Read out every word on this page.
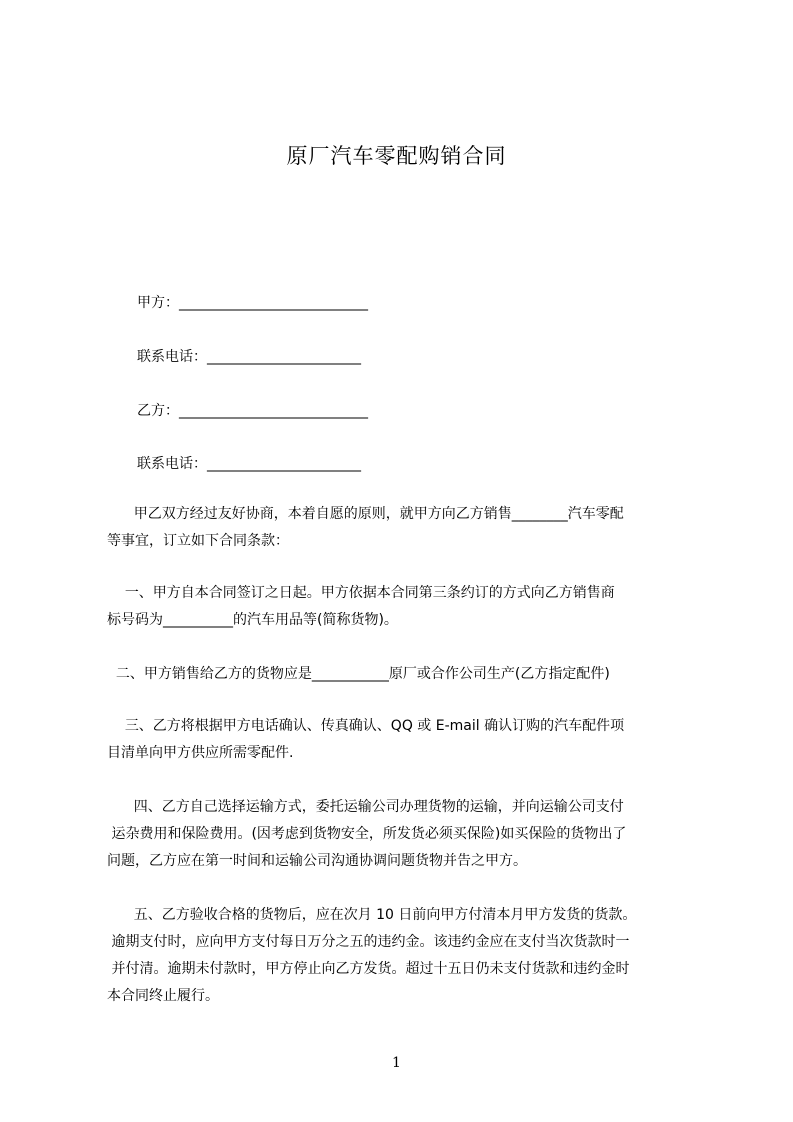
原厂汽车零配购销合同
甲方：___________________________
联系电话：______________________
乙方：___________________________
联系电话：______________________
甲乙双方经过友好协商，本着自愿的原则，就甲方向乙方销售________汽车零配
等事宜，订立如下合同条款：
一、甲方自本合同签订之日起。甲方依据本合同第三条约订的方式向乙方销售商
标号码为__________的汽车用品等(简称货物)。
二、甲方销售给乙方的货物应是___________原厂或合作公司生产(乙方指定配件)
三、乙方将根据甲方电话确认、传真确认、QQ 或 E-mail 确认订购的汽车配件项
目清单向甲方供应所需零配件.
四、乙方自己选择运输方式，委托运输公司办理货物的运输，并向运输公司支付
运杂费用和保险费用。(因考虑到货物安全，所发货必须买保险)如买保险的货物出了
问题，乙方应在第一时间和运输公司沟通协调问题货物并告之甲方。
五、乙方验收合格的货物后，应在次月 10 日前向甲方付清本月甲方发货的货款。
逾期支付时，应向甲方支付每日万分之五的违约金。该违约金应在支付当次货款时一
并付清。逾期未付款时，甲方停止向乙方发货。超过十五日仍未支付货款和违约金时
本合同终止履行。
1
